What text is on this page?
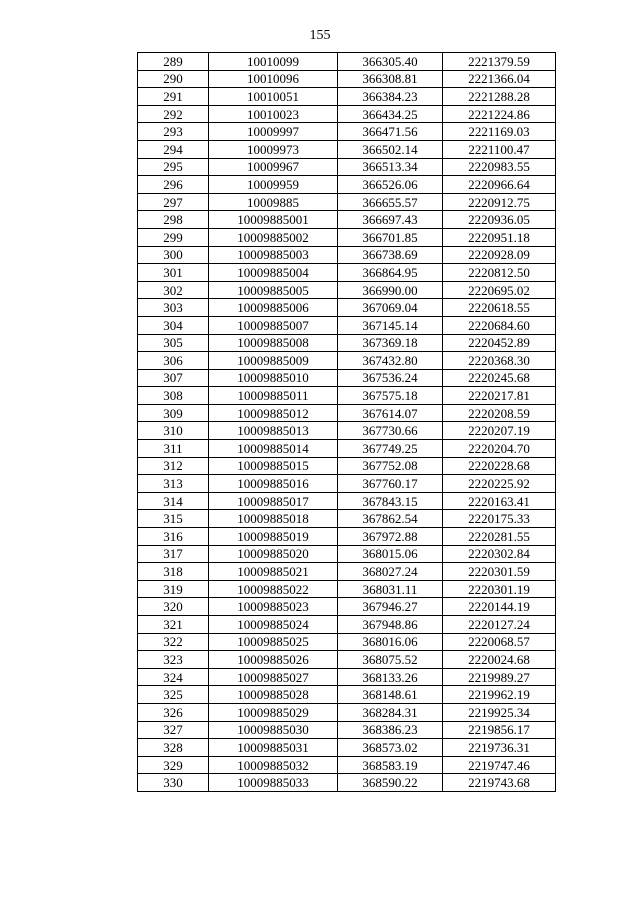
155
289	10010099	366305.40	2221379.59
290	10010096	366308.81	2221366.04
291	10010051	366384.23	2221288.28
292	10010023	366434.25	2221224.86
293	10009997	366471.56	2221169.03
294	10009973	366502.14	2221100.47
295	10009967	366513.34	2220983.55
296	10009959	366526.06	2220966.64
297	10009885	366655.57	2220912.75
298	10009885001	366697.43	2220936.05
299	10009885002	366701.85	2220951.18
300	10009885003	366738.69	2220928.09
301	10009885004	366864.95	2220812.50
302	10009885005	366990.00	2220695.02
303	10009885006	367069.04	2220618.55
304	10009885007	367145.14	2220684.60
305	10009885008	367369.18	2220452.89
306	10009885009	367432.80	2220368.30
307	10009885010	367536.24	2220245.68
308	10009885011	367575.18	2220217.81
309	10009885012	367614.07	2220208.59
310	10009885013	367730.66	2220207.19
311	10009885014	367749.25	2220204.70
312	10009885015	367752.08	2220228.68
313	10009885016	367760.17	2220225.92
314	10009885017	367843.15	2220163.41
315	10009885018	367862.54	2220175.33
316	10009885019	367972.88	2220281.55
317	10009885020	368015.06	2220302.84
318	10009885021	368027.24	2220301.59
319	10009885022	368031.11	2220301.19
320	10009885023	367946.27	2220144.19
321	10009885024	367948.86	2220127.24
322	10009885025	368016.06	2220068.57
323	10009885026	368075.52	2220024.68
324	10009885027	368133.26	2219989.27
325	10009885028	368148.61	2219962.19
326	10009885029	368284.31	2219925.34
327	10009885030	368386.23	2219856.17
328	10009885031	368573.02	2219736.31
329	10009885032	368583.19	2219747.46
330	10009885033	368590.22	2219743.68
